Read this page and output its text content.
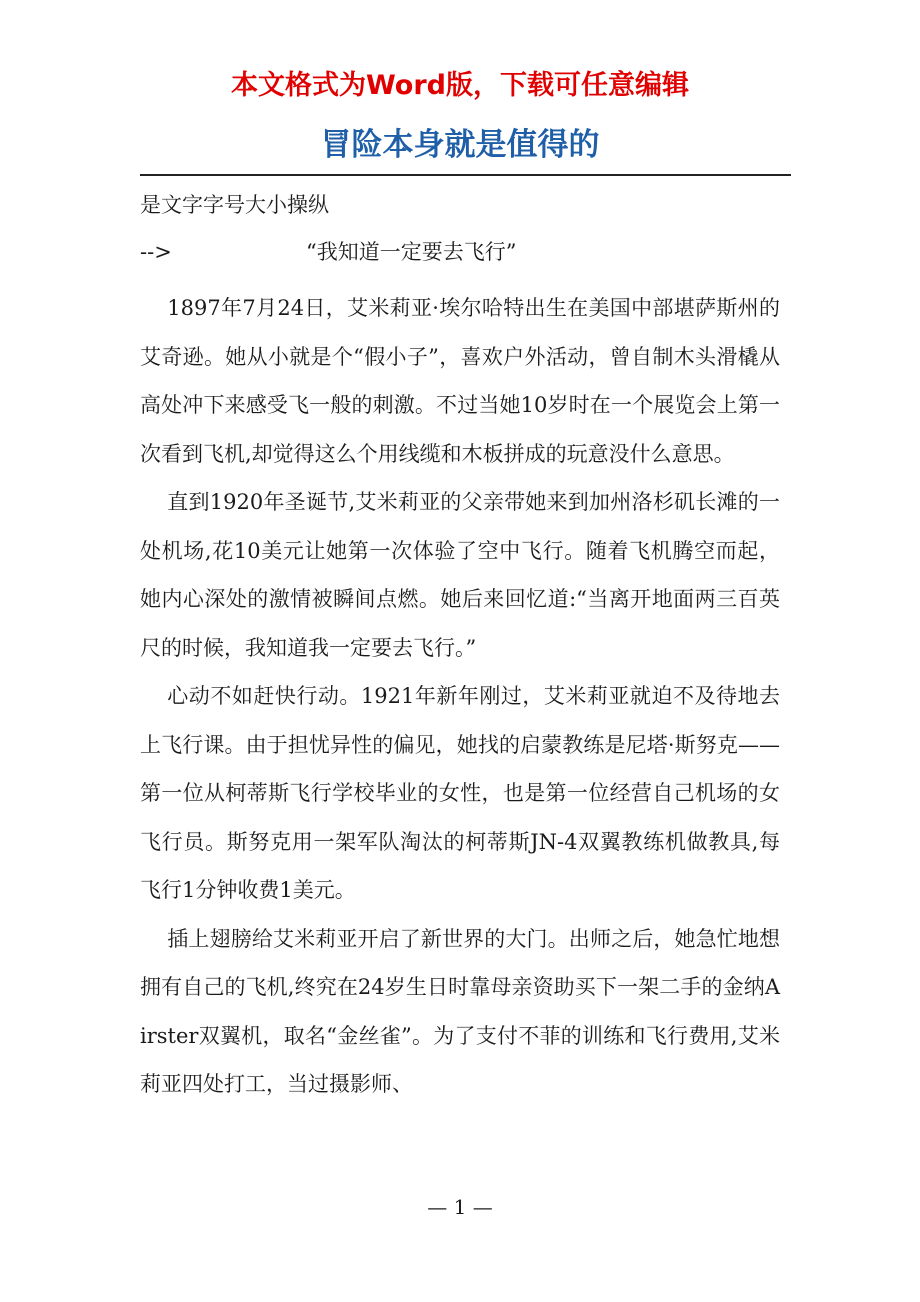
本文格式为Word版，下载可任意编辑
冒险本身就是值得的
是文字字号大小操纵
-->	“我知道一定要去飞行”

1897年7月24日，艾米莉亚·埃尔哈特出生在美国中部堪萨斯州的艾奇逊。她从小就是个“假小子”，喜欢户外活动，曾自制木头滑橇从高处冲下来感受飞一般的刺激。不过当她10岁时在一个展览会上第一次看到飞机,却觉得这么个用线缆和木板拼成的玩意没什么意思。

直到1920年圣诞节,艾米莉亚的父亲带她来到加州洛杉矶长滩的一处机场,花10美元让她第一次体验了空中飞行。随着飞机腾空而起，她内心深处的激情被瞬间点燃。她后来回忆道:“当离开地面两三百英尺的时候，我知道我一定要去飞行。”

心动不如赶快行动。1921年新年刚过，艾米莉亚就迫不及待地去上飞行课。由于担忧异性的偏见，她找的启蒙教练是尼塔·斯努克——第一位从柯蒂斯飞行学校毕业的女性，也是第一位经营自己机场的女飞行员。斯努克用一架军队淘汰的柯蒂斯JN-4双翼教练机做教具,每飞行1分钟收费1美元。

插上翅膀给艾米莉亚开启了新世界的大门。出师之后，她急忙地想拥有自己的飞机,终究在24岁生日时靠母亲资助买下一架二手的金纳Airster双翼机，取名“金丝雀”。为了支付不菲的训练和飞行费用,艾米莉亚四处打工，当过摄影师、

— 1 —
